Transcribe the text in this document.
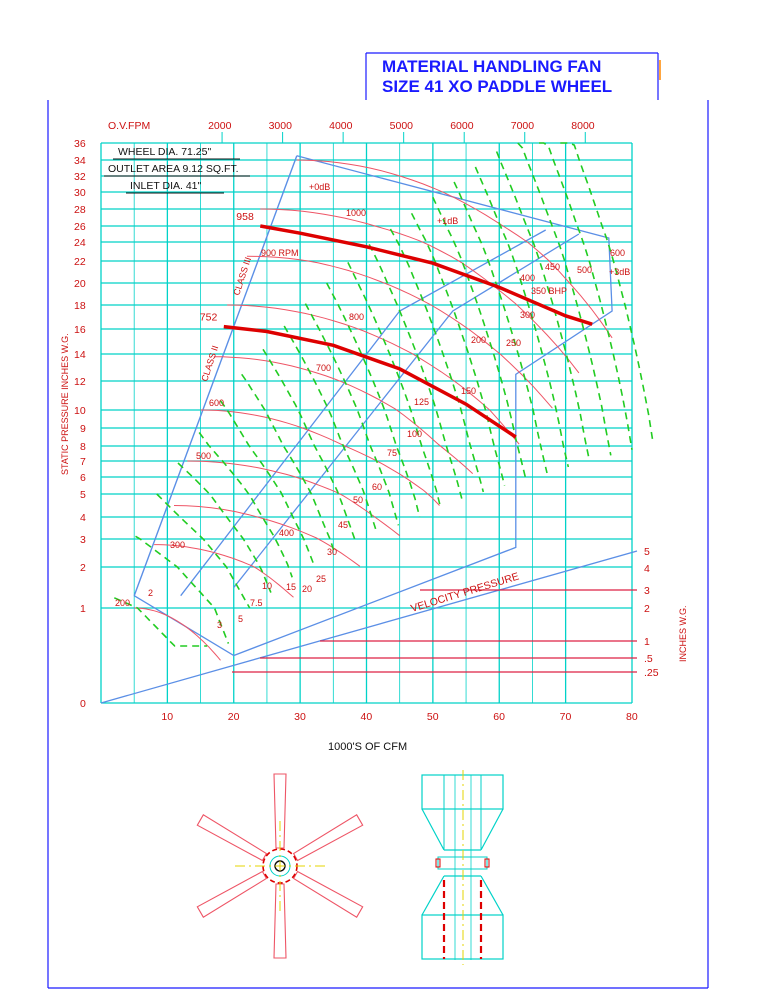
MATERIAL HANDLING FAN
SIZE 41 XO PADDLE WHEEL
958
752
.25
.5
1
2
3
4
5
VELOCITY PRESSURE
10	20	30	40	50	60	70	80
0
1
2
3
4
5
6
7
8
9
10
12
14
16
18
20
22
24
26
28
30
32
34
36
2000	3000	4000	5000	6000	7000	8000
200
300
400
500
600
700
800
900 RPM
1000
2
3
5
7.5
10 15 20
25
30
45
50
60
75
100
125
150
200 250
300
350 BHP
400
450 500
600
+0dB
+1dB
+3dB
CLASS II
CLASS III
WHEEL DIA. 71.25"
OUTLET AREA 9.12 SQ.FT.
INLET DIA. 41"
STATIC PRESSURE INCHES W.G.
1000'S OF CFM
O.V.FPM
INCHES W.G.
